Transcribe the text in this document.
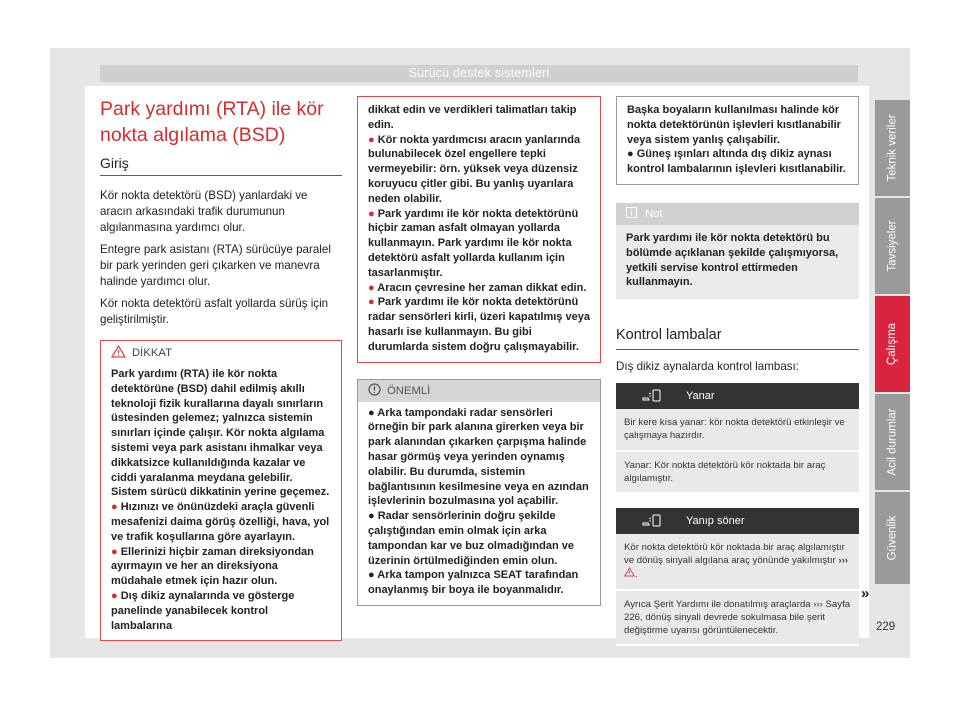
Sürücü destek sistemleri
Park yardımı (RTA) ile kör
nokta algılama (BSD)
Giriş
Kör nokta detektörü (BSD) yanlardaki ve aracın arkasındaki trafik durumunun algılanmasına yardımcı olur.
Entegre park asistanı (RTA) sürücüye paralel bir park yerinden geri çıkarken ve manevra halinde yardımcı olur.
Kör nokta detektörü asfalt yollarda sürüş için geliştirilmiştir.
DİKKAT
Park yardımı (RTA) ile kör nokta detektörüne (BSD) dahil edilmiş akıllı teknoloji fizik kurallarına dayalı sınırların üstesinden gelemez; yalnızca sistemin sınırları içinde çalışır. Kör nokta algılama sistemi veya park asistanı ihmalkar veya dikkatsizce kullanıldığında kazalar ve ciddi yaralanma meydana gelebilir. Sistem sürücü dikkatinin yerine geçemez.
● Hızınızı ve önünüzdeki araçla güvenli mesafenizi daima görüş özelliği, hava, yol ve trafik koşullarına göre ayarlayın.
● Ellerinizi hiçbir zaman direksiyondan ayırmayın ve her an direksiyona müdahale etmek için hazır olun.
● Dış dikiz aynalarında ve gösterge panelinde yanabilecek kontrol lambalarına
dikkat edin ve verdikleri talimatları takip edin.
● Kör nokta yardımcısı aracın yanlarında bulunabilecek özel engellere tepki vermeyebilir: örn. yüksek veya düzensiz koruyucu çitler gibi. Bu yanlış uyarılara neden olabilir.
● Park yardımı ile kör nokta detektörünü hiçbir zaman asfalt olmayan yollarda kullanmayın. Park yardımı ile kör nokta detektörü asfalt yollarda kullanım için tasarlanmıştır.
● Aracın çevresine her zaman dikkat edin.
● Park yardımı ile kör nokta detektörünü radar sensörleri kirli, üzeri kapatılmış veya hasarlı ise kullanmayın. Bu gibi durumlarda sistem doğru çalışmayabilir.
ÖNEMLİ
● Arka tampondaki radar sensörleri örneğin bir park alanına girerken veya bir park alanından çıkarken çarpışma halinde hasar görmüş veya yerinden oynamış olabilir. Bu durumda, sistemin bağlantısının kesilmesine veya en azından işlevlerinin bozulmasına yol açabilir.
● Radar sensörlerinin doğru şekilde çalıştığından emin olmak için arka tampondan kar ve buz olmadığından ve üzerinin örtülmediğinden emin olun.
● Arka tampon yalnızca SEAT tarafından onaylanmış bir boya ile boyanmalıdır.
Başka boyaların kullanılması halinde kör nokta detektörünün işlevleri kısıtlanabilir veya sistem yanlış çalışabilir.
● Güneş ışınları altında dış dikiz aynası kontrol lambalarının işlevleri kısıtlanabilir.
Not
Park yardımı ile kör nokta detektörü bu bölümde açıklanan şekilde çalışmıyorsa, yetkili servise kontrol ettirmeden kullanmayın.
Kontrol lambalar
Dış dikiz aynalarda kontrol lambası:
Yanar
Bir kere kısa yanar: kör nokta detektörü etkinleşir ve çalışmaya hazırdır.
Yanar: Kör nokta detektörü kör noktada bir araç algılamıştır.
Yanıp söner
Kör nokta detektörü kör noktada bir araç algılamıştır ve dönüş sinyali algılana araç yönünde yakılmıştır ››› .
Ayrıca Şerit Yardımı ile donatılmış araçlarda ››› Sayfa 226, dönüş sinyali devrede sokulmasa bile şerit değiştirme uyarısı görüntülenecektir.
Teknik veriler
Tavsiyeler
Çalışma
Acil durumlar
Güvenlik
»
229
